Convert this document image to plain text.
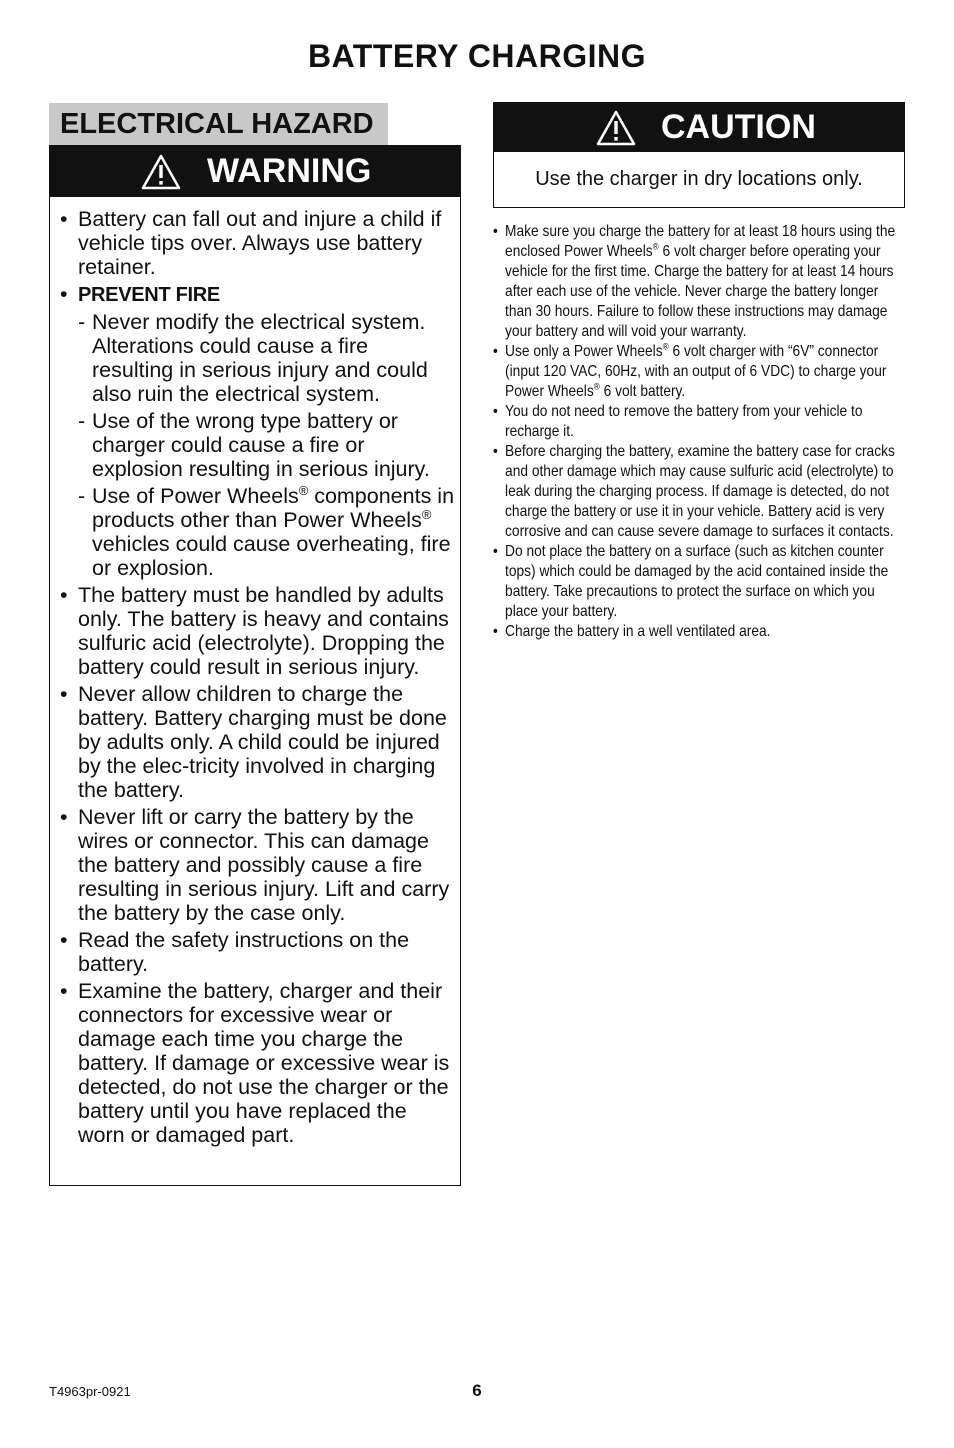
BATTERY CHARGING
ELECTRICAL HAZARD
WARNING
• Battery can fall out and injure a child if vehicle tips over. Always use battery retainer.
• PREVENT FIRE
- Never modify the electrical system. Alterations could cause a fire resulting in serious injury and could also ruin the electrical system.
- Use of the wrong type battery or charger could cause a fire or explosion resulting in serious injury.
- Use of Power Wheels® components in products other than Power Wheels® vehicles could cause overheating, fire or explosion.
• The battery must be handled by adults only. The battery is heavy and contains sulfuric acid (electrolyte). Dropping the battery could result in serious injury.
• Never allow children to charge the battery. Battery charging must be done by adults only. A child could be injured by the elec-tricity involved in charging the battery.
• Never lift or carry the battery by the wires or connector. This can damage the battery and possibly cause a fire resulting in serious injury. Lift and carry the battery by the case only.
• Read the safety instructions on the battery.
• Examine the battery, charger and their connectors for excessive wear or damage each time you charge the battery. If damage or excessive wear is detected, do not use the charger or the battery until you have replaced the worn or damaged part.
CAUTION
Use the charger in dry locations only.
• Make sure you charge the battery for at least 18 hours using the enclosed Power Wheels® 6 volt charger before operating your vehicle for the first time. Charge the battery for at least 14 hours after each use of the vehicle. Never charge the battery longer than 30 hours. Failure to follow these instructions may damage your battery and will void your warranty.
• Use only a Power Wheels® 6 volt charger with “6V” connector (input 120 VAC, 60Hz, with an output of 6 VDC) to charge your Power Wheels® 6 volt battery.
• You do not need to remove the battery from your vehicle to recharge it.
• Before charging the battery, examine the battery case for cracks and other damage which may cause sulfuric acid (electrolyte) to leak during the charging process. If damage is detected, do not charge the battery or use it in your vehicle. Battery acid is very corrosive and can cause severe damage to surfaces it contacts.
• Do not place the battery on a surface (such as kitchen counter tops) which could be damaged by the acid contained inside the battery. Take precautions to protect the surface on which you place your battery.
• Charge the battery in a well ventilated area.
T4963pr-0921	6
